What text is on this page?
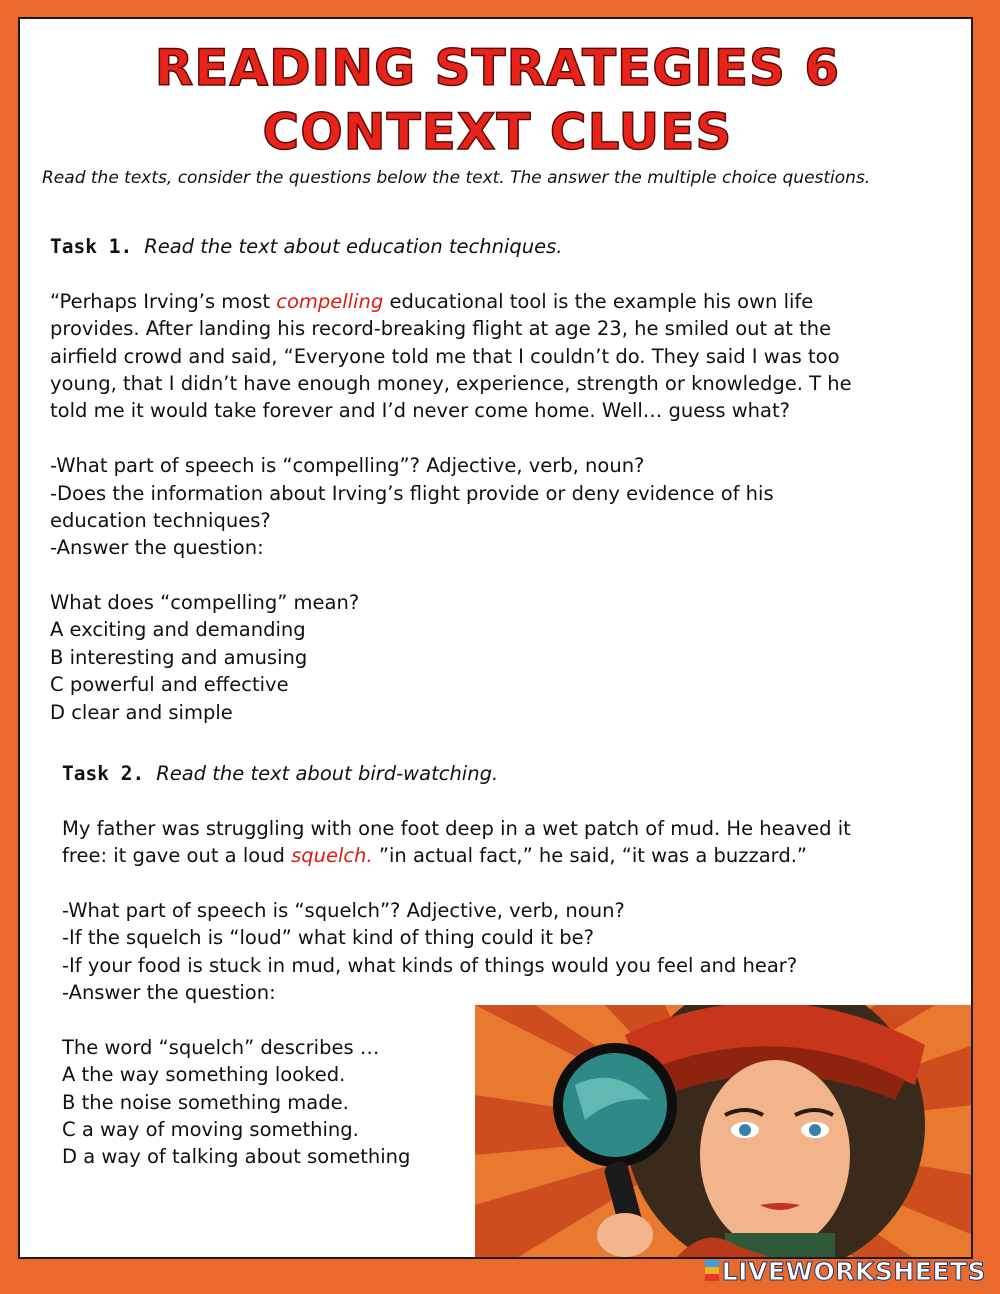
READING STRATEGIES 6
CONTEXT CLUES
Read the texts, consider the questions below the text. The answer the multiple choice questions.
Task 1. Read the text about education techniques.
“Perhaps Irving’s most compelling educational tool is the example his own life
provides. After landing his record-breaking flight at age 23, he smiled out at the
airfield crowd and said, “Everyone told me that I couldn’t do. They said I was too
young, that I didn’t have enough money, experience, strength or knowledge. T he
told me it would take forever and I’d never come home. Well… guess what?
-What part of speech is “compelling”? Adjective, verb, noun?
-Does the information about Irving’s flight provide or deny evidence of his
education techniques?
-Answer the question:
What does “compelling” mean?
A exciting and demanding
B interesting and amusing
C powerful and effective
D clear and simple
Task 2. Read the text about bird-watching.
My father was struggling with one foot deep in a wet patch of mud. He heaved it
free: it gave out a loud squelch. ”in actual fact,” he said, “it was a buzzard.”
-What part of speech is “squelch”? Adjective, verb, noun?
-If the squelch is “loud” what kind of thing could it be?
-If your food is stuck in mud, what kinds of things would you feel and hear?
-Answer the question:
The word “squelch” describes …
A the way something looked.
B the noise something made.
C a way of moving something.
D a way of talking about something
LIVEWORKSHEETS
